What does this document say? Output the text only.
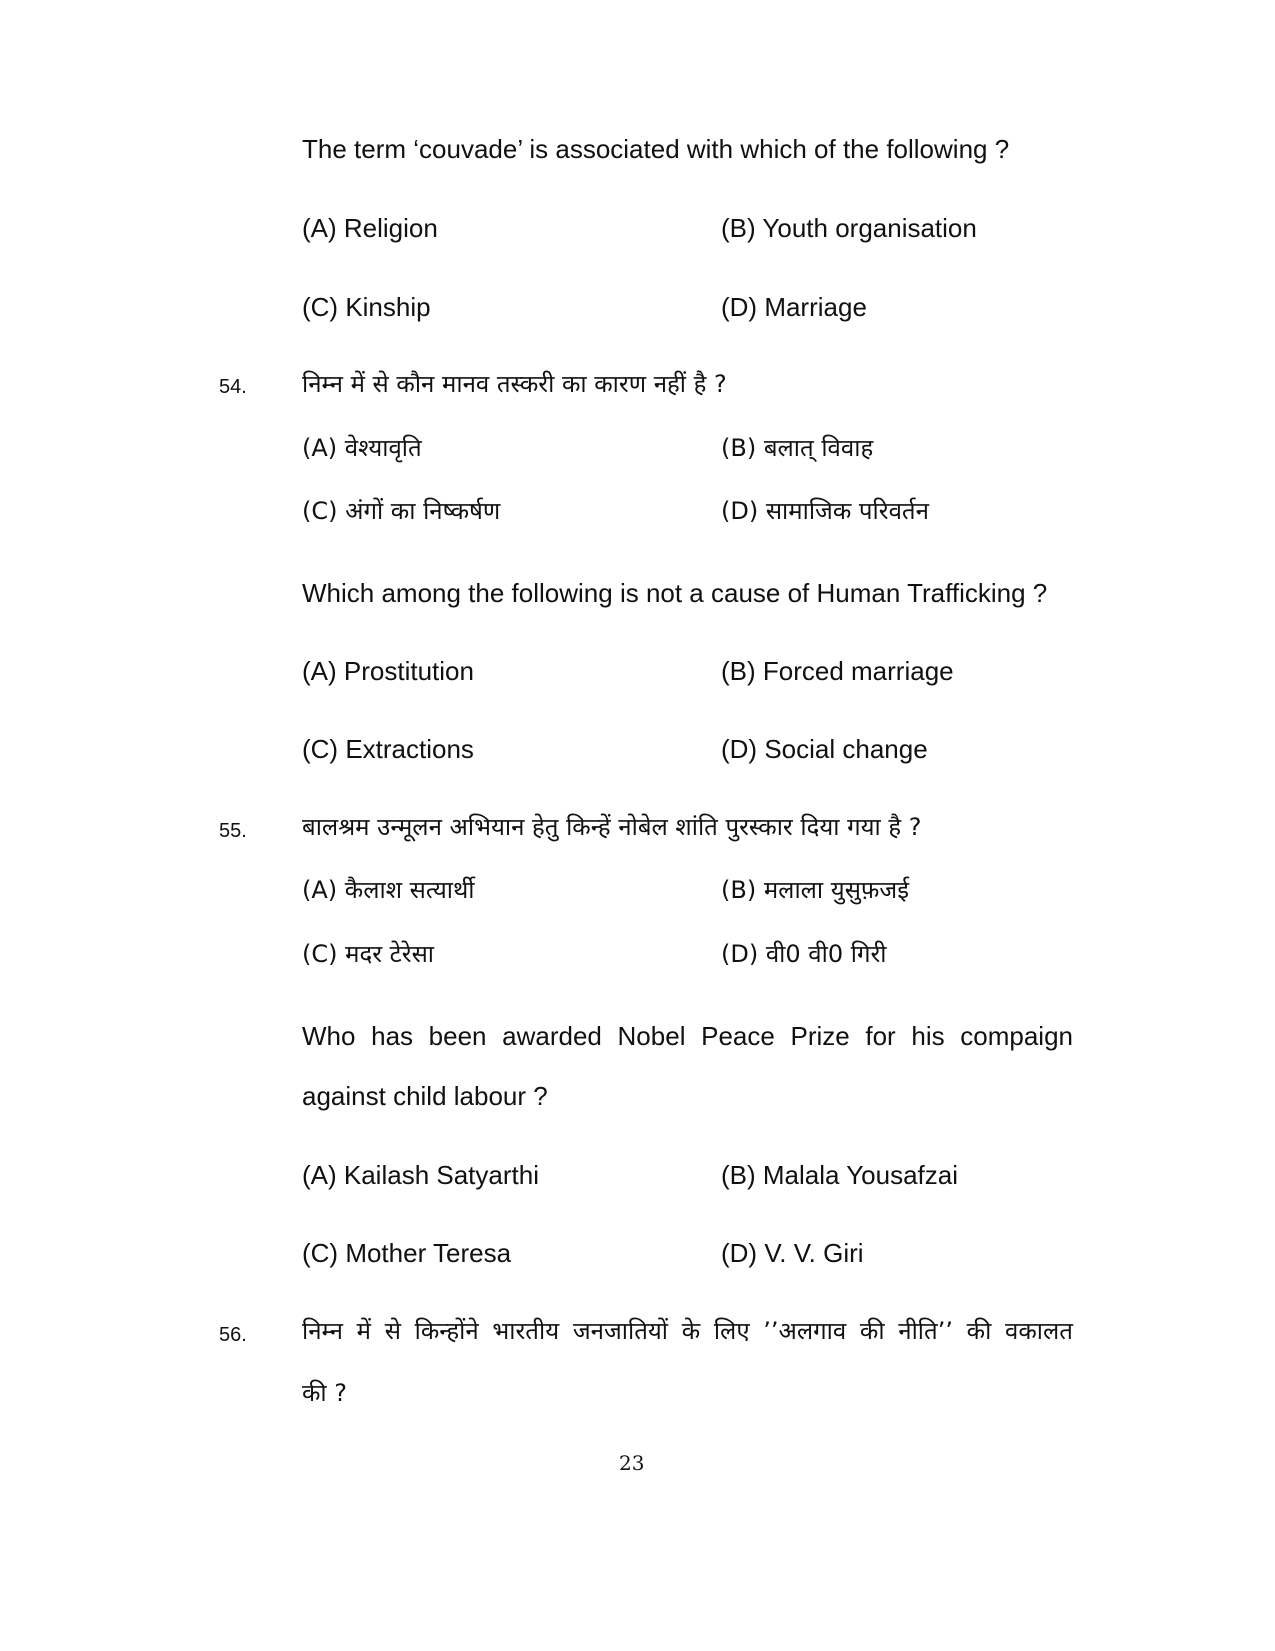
The term ‘couvade’ is associated with which of the following ?
(A) Religion	(B) Youth organisation
(C) Kinship	(D) Marriage
54. निम्न में से कौन मानव तस्करी का कारण नहीं है ?
(A) वेश्यावृति	(B) बलात् विवाह
(C) अंगों का निष्कर्षण	(D) सामाजिक परिवर्तन
Which among the following is not a cause of Human Trafficking ?
(A) Prostitution	(B) Forced marriage
(C) Extractions	(D) Social change
55. बालश्रम उन्मूलन अभियान हेतु किन्हें नोबेल शांति पुरस्कार दिया गया है ?
(A) कैलाश सत्यार्थी	(B) मलाला युसुफ़जई
(C) मदर टेरेसा	(D) वी0 वी0 गिरी
Who has been awarded Nobel Peace Prize for his compaign
against child labour ?
(A) Kailash Satyarthi	(B) Malala Yousafzai
(C) Mother Teresa	(D) V. V. Giri
56. निम्न में से किन्होंने भारतीय जनजातियों के लिए ’’अलगाव की नीति’’ की वकालत
की ?
23
